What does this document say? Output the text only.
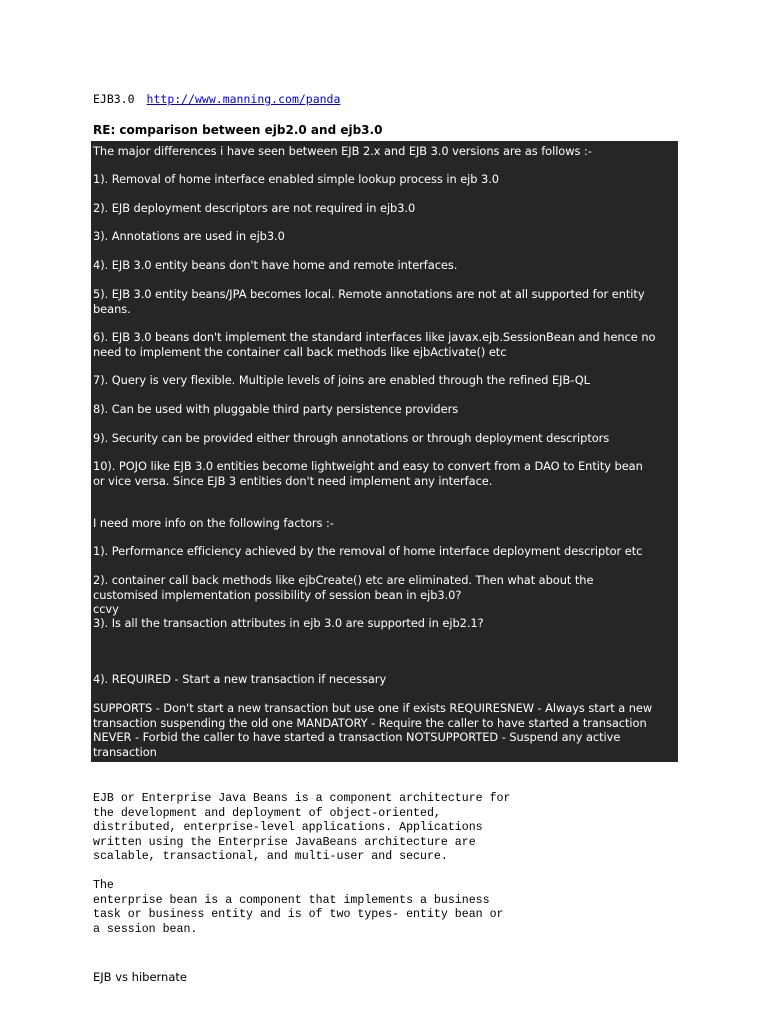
EJB3.0 http://www.manning.com/panda
RE: comparison between ejb2.0 and ejb3.0
The major differences i have seen between EJB 2.x and EJB 3.0 versions are as follows :-
1). Removal of home interface enabled simple lookup process in ejb 3.0
2). EJB deployment descriptors are not required in ejb3.0
3). Annotations are used in ejb3.0
4). EJB 3.0 entity beans don't have home and remote interfaces.
5). EJB 3.0 entity beans/JPA becomes local. Remote annotations are not at all supported for entity
beans.
6). EJB 3.0 beans don't implement the standard interfaces like javax.ejb.SessionBean and hence no
need to implement the container call back methods like ejbActivate() etc
7). Query is very flexible. Multiple levels of joins are enabled through the refined EJB-QL
8). Can be used with pluggable third party persistence providers
9). Security can be provided either through annotations or through deployment descriptors
10). POJO like EJB 3.0 entities become lightweight and easy to convert from a DAO to Entity bean
or vice versa. Since EJB 3 entities don't need implement any interface.
I need more info on the following factors :-
1). Performance efficiency achieved by the removal of home interface deployment descriptor etc
2). container call back methods like ejbCreate() etc are eliminated. Then what about the
customised implementation possibility of session bean in ejb3.0?
ccvy
3). Is all the transaction attributes in ejb 3.0 are supported in ejb2.1?
4). REQUIRED - Start a new transaction if necessary
SUPPORTS - Don't start a new transaction but use one if exists REQUIRESNEW - Always start a new
transaction suspending the old one MANDATORY - Require the caller to have started a transaction
NEVER - Forbid the caller to have started a transaction NOTSUPPORTED - Suspend any active
transaction
EJB or Enterprise Java Beans is a component architecture for
the development and deployment of object-oriented,
distributed, enterprise-level applications. Applications
written using the Enterprise JavaBeans architecture are
scalable, transactional, and multi-user and secure.
The
enterprise bean is a component that implements a business
task or business entity and is of two types- entity bean or
a session bean.
EJB vs hibernate
